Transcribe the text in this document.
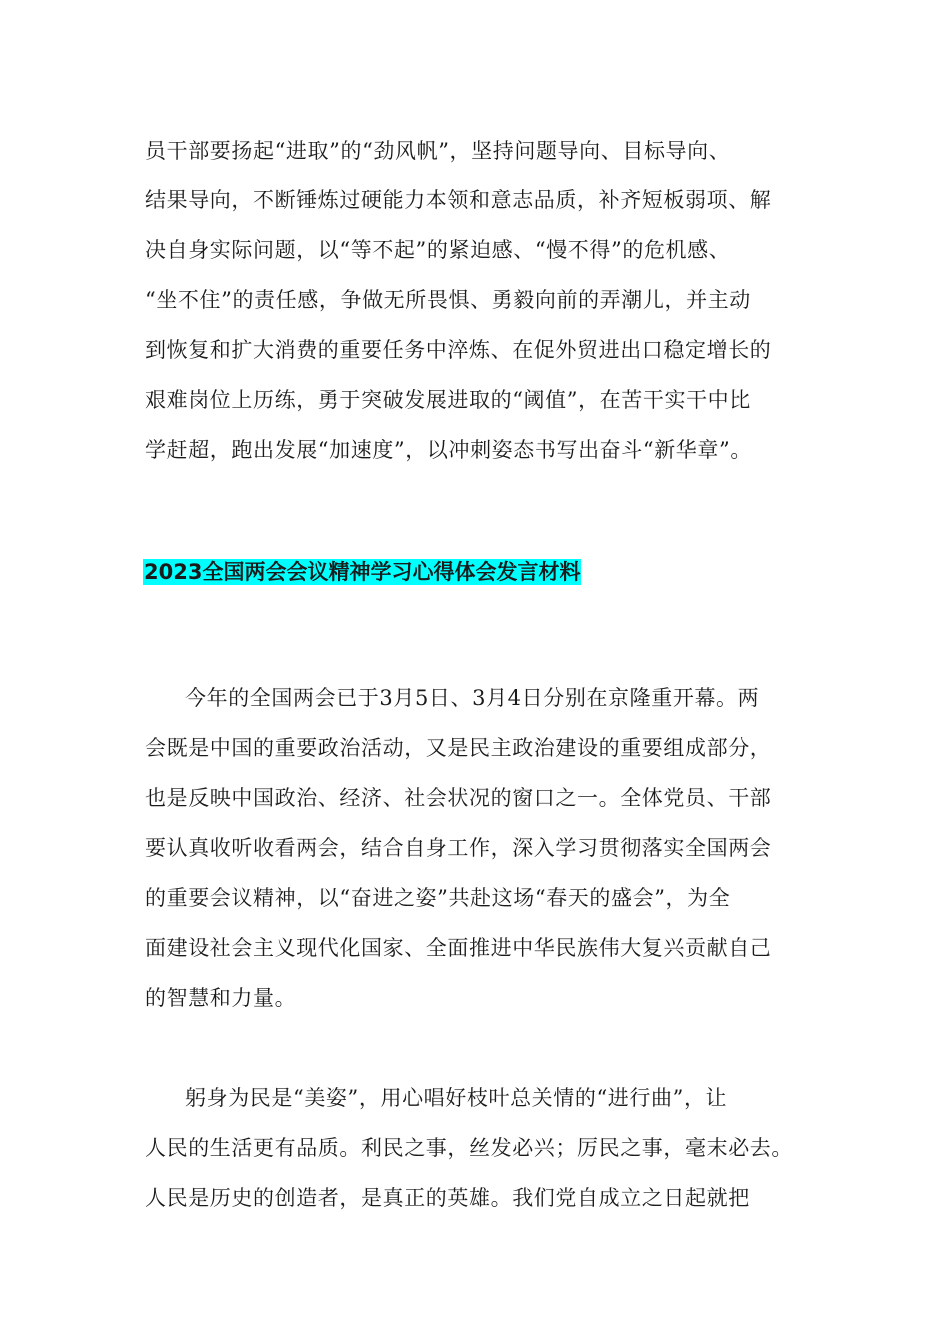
员干部要扬起“进取”的“劲风帆”，坚持问题导向、目标导向、
结果导向，不断锤炼过硬能力本领和意志品质，补齐短板弱项、解
决自身实际问题，以“等不起”的紧迫感、“慢不得”的危机感、
“坐不住”的责任感，争做无所畏惧、勇毅向前的弄潮儿，并主动
到恢复和扩大消费的重要任务中淬炼、在促外贸进出口稳定增长的
艰难岗位上历练，勇于突破发展进取的“阈值”，在苦干实干中比
学赶超，跑出发展“加速度”，以冲刺姿态书写出奋斗“新华章”。
2023全国两会会议精神学习心得体会发言材料
今年的全国两会已于3月5日、3月4日分别在京隆重开幕。两
会既是中国的重要政治活动，又是民主政治建设的重要组成部分，
也是反映中国政治、经济、社会状况的窗口之一。全体党员、干部
要认真收听收看两会，结合自身工作，深入学习贯彻落实全国两会
的重要会议精神，以“奋进之姿”共赴这场“春天的盛会”，为全
面建设社会主义现代化国家、全面推进中华民族伟大复兴贡献自己
的智慧和力量。
躬身为民是“美姿”，用心唱好枝叶总关情的“进行曲”，让
人民的生活更有品质。利民之事，丝发必兴；厉民之事，毫末必去。
人民是历史的创造者，是真正的英雄。我们党自成立之日起就把
